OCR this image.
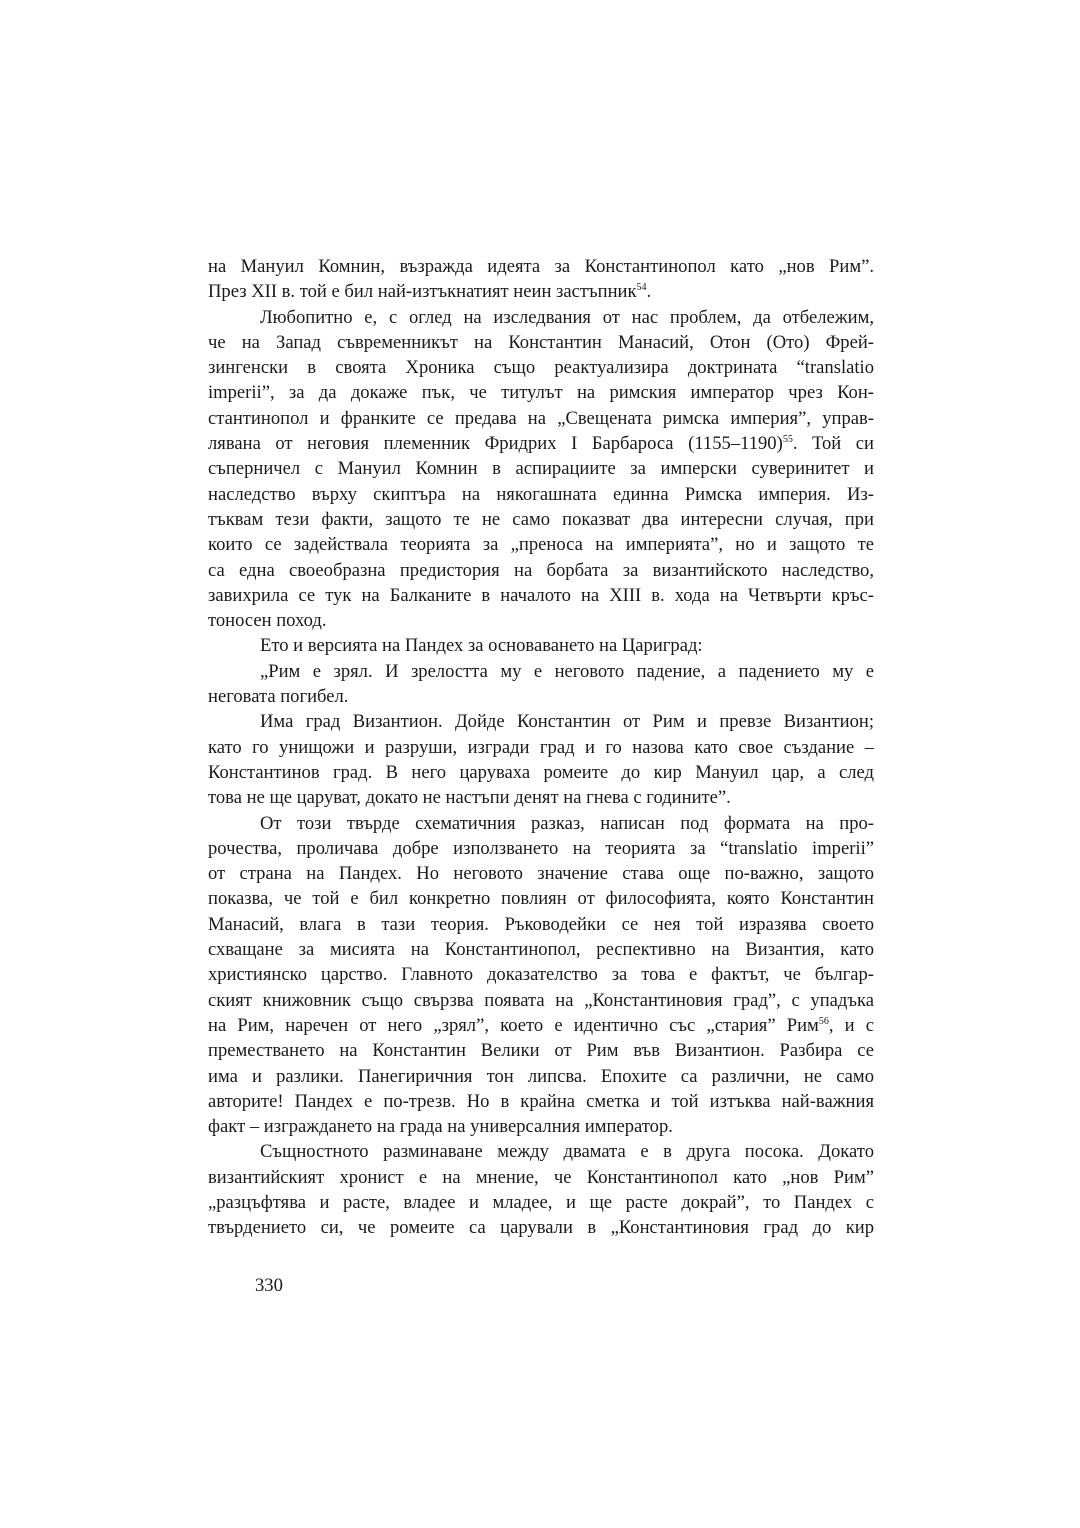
на Мануил Комнин, възражда идеята за Константинопол като „нов Рим”.
През XII в. той е бил най-изтъкнатият неин застъпник$^{54}$.

Любопитно е, с оглед на изследвания от нас проблем, да отбележим,
че на Запад съвременникът на Константин Манасий, Отон (Ото) Фрей-
зингенски в своята Хроника също реактуализира доктрината “translatio
imperii”, за да докаже пък, че титулът на римския император чрез Кон-
стантинопол и франките се предава на „Свещената римска империя”, управ-
лявана от неговия племенник Фридрих I Барбароса (1155–1190)$^{55}$. Той си
съперничел с Мануил Комнин в аспирациите за имперски суверинитет и
наследство върху скиптъра на някогашната единна Римска империя. Из-
тъквам тези факти, защото те не само показват два интересни случая, при
които се задействала теорията за „преноса на империята”, но и защото те
са една своеобразна предистория на борбата за византийското наследство,
завихрила се тук на Балканите в началото на XIII в. хода на Четвърти кръс-
тоносен поход.

Ето и версията на Пандех за основаването на Цариград:

„Рим е зрял. И зрелостта му е неговото падение, а падението му е
неговата погибел.

Има град Византион. Дойде Константин от Рим и превзе Византион;
като го унищожи и разруши, изгради град и го назова като свое създание –
Константинов град. В него царуваха ромеите до кир Мануил цар, а след
това не ще царуват, докато не настъпи денят на гнева с годините”.

От този твърде схематичния разказ, написан под формата на про-
рочества, проличава добре използването на теорията за “translatio imperii”
от страна на Пандех. Но неговото значение става още по-важно, защото
показва, че той е бил конкретно повлиян от философията, която Константин
Манасий, влага в тази теория. Ръководейки се нея той изразява своето
схващане за мисията на Константинопол, респективно на Византия, като
християнско царство. Главното доказателство за това е фактът, че българ-
ският книжовник също свързва появата на „Константиновия град”, с упадъка
на Рим, наречен от него „зрял”, което е идентично със „стария” Рим$^{56}$, и с
преместването на Константин Велики от Рим във Византион. Разбира се
има и разлики. Панегиричния тон липсва. Епохите са различни, не само
авторите! Пандех е по-трезв. Но в крайна сметка и той изтъква най-важния
факт – изграждането на града на универсалния император.

Същностното разминаване между двамата е в друга посока. Докато
византийският хронист е на мнение, че Константинопол като „нов Рим”
„разцъфтява и расте, владее и младее, и ще расте докрай”, то Пандех с
твърдението си, че ромеите са царували в „Константиновия град до кир

330
